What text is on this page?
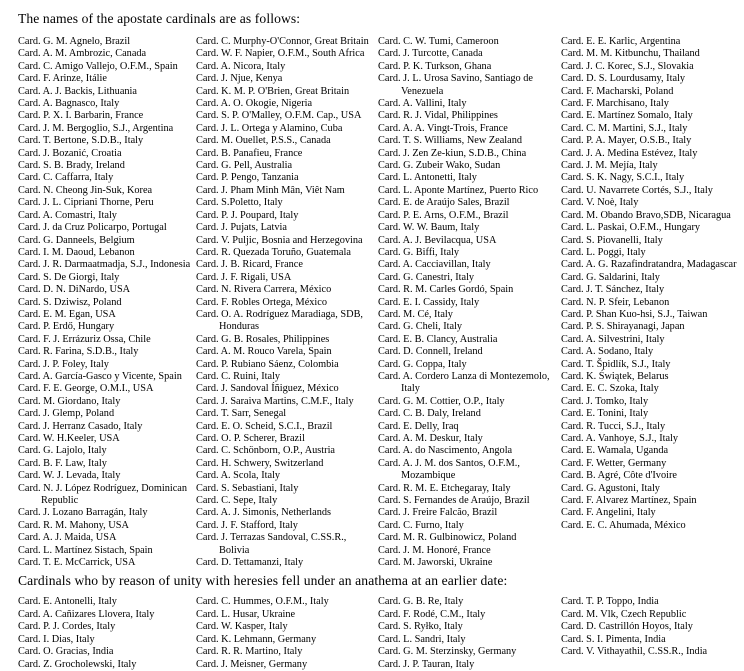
The names of the apostate cardinals are as follows:
Card. G. M. Agnelo, Brazil
Card. A. M. Ambrozic, Canada
Card. C. Amigo Vallejo, O.F.M., Spain
Card. F. Arinze, Itálie
Card. A. J. Backis, Lithuania
Card. A. Bagnasco, Italy
Card. P. X. I. Barbarin, France
Card. J. M. Bergoglio, S.J., Argentina
Card. T. Bertone, S.D.B., Italy
Card. J. Bozanić, Croatia
Card. S. B. Brady, Ireland
Card. C. Caffarra, Italy
Card. N. Cheong Jin-Suk, Korea
Card. J. L. Cipriani Thorne, Peru
Card. A. Comastri, Italy
Card. J. da Cruz Policarpo, Portugal
Card. G. Danneels, Belgium
Card. I. M. Daoud, Lebanon
Card. J. R. Darmaatmadja, S.J., Indonesia
Card. S. De Giorgi, Italy
Card. D. N. DiNardo, USA
Card. S. Dziwisz, Poland
Card. E. M. Egan, USA
Card. P. Erdő, Hungary
Card. F. J. Errázuriz Ossa, Chile
Card. R. Farina, S.D.B., Italy
Card. J. P. Foley, Italy
Card. A. García-Gasco y Vicente, Spain
Card. F. E. George, O.M.I., USA
Card. M. Giordano, Italy
Card. J. Glemp, Poland
Card. J. Herranz Casado, Italy
Card. W. H.Keeler, USA
Card. G. Lajolo, Italy
Card. B. F. Law, Italy
Card. W. J. Levada, Italy
Card. N. J. López Rodríguez, Dominican Republic
Card. J. Lozano Barragán, Italy
Card. R. M. Mahony, USA
Card. A. J. Maida, USA
Card. L. Martínez Sistach, Spain
Card. T. E. McCarrick, USA
Card. C. Murphy-O'Connor, Great Britain
Card. W. F. Napier, O.F.M., South Africa
Card. A. Nicora, Italy
Card. J. Njue, Kenya
Card. K. M. P. O'Brien, Great Britain
Card. A. O. Okogie, Nigeria
Card. S. P. O'Malley, O.F.M. Cap., USA
Card. J. L. Ortega y Alamino, Cuba
Card. M. Ouellet, P.S.S., Canada
Card. B. Panafieu, France
Card. G. Pell, Australia
Card. P. Pengo, Tanzania
Card. J. Pham Minh Mân, Viêt Nam
Card. S.Poletto, Italy
Card. P. J. Poupard, Italy
Card. J. Pujats, Latvia
Card. V. Puljic, Bosnia and Herzegovina
Card. R. Quezada Toruño, Guatemala
Card. J. B. Ricard, France
Card. J. F. Rigali, USA
Card. N. Rivera Carrera, México
Card. F. Robles Ortega, México
Card. O. A. Rodríguez Maradiaga, SDB, Honduras
Card. G. B. Rosales, Philippines
Card. A. M. Rouco Varela, Spain
Card. P. Rubiano Sáenz, Colombia
Card. C. Ruini, Italy
Card. J. Sandoval Íñiguez, México
Card. J. Saraiva Martins, C.M.F., Italy
Card. T. Sarr, Senegal
Card. E. O. Scheid, S.C.I., Brazil
Card. O. P. Scherer, Brazil
Card. C. Schönborn, O.P., Austria
Card. H. Schwery, Switzerland
Card. A. Scola, Italy
Card. S. Sebastiani, Italy
Card. C. Sepe, Italy
Card. A. J. Simonis, Netherlands
Card. J. F. Stafford, Italy
Card. J. Terrazas Sandoval, C.SS.R., Bolivia
Card. D. Tettamanzi, Italy
Card. C. W. Tumi, Cameroon
Card. J. Turcotte, Canada
Card. P. K. Turkson, Ghana
Card. J. L. Urosa Savino, Santiago de Venezuela
Card. A. Vallini, Italy
Card. R. J. Vidal, Philippines
Card. A. A. Vingt-Trois, France
Card. T. S. Williams, New Zealand
Card. J. Zen Ze-kiun, S.D.B., China
Card. G. Zubeir Wako, Sudan
Card. L. Antonetti, Italy
Card. L. Aponte Martínez, Puerto Rico
Card. E. de Araújo Sales, Brazil
Card. P. E. Arns, O.F.M., Brazil
Card. W. W. Baum, Italy
Card. A. J. Bevilacqua, USA
Card. G. Biffi, Italy
Card. A. Cacciavillan, Italy
Card. G. Canestri, Italy
Card. R. M. Carles Gordó, Spain
Card. E. I. Cassidy, Italy
Card. M. Cé, Italy
Card. G. Cheli, Italy
Card. E. B. Clancy, Australia
Card. D. Connell, Ireland
Card. G. Coppa, Italy
Card. A. Cordero Lanza di Montezemolo, Italy
Card. G. M. Cottier, O.P., Italy
Card. C. B. Daly, Ireland
Card. E. Delly, Iraq
Card. A. M. Deskur, Italy
Card. A. do Nascimento, Angola
Card. A. J. M. dos Santos, O.F.M., Mozambique
Card. R. M. E. Etchegaray, Italy
Card. S. Fernandes de Araújo, Brazil
Card. J. Freire Falcão, Brazil
Card. C. Furno, Italy
Card. M. R. Gulbinowicz, Poland
Card. J. M. Honoré, France
Card. M. Jaworski, Ukraine
Card. E. E. Karlic, Argentina
Card. M. M. Kitbunchu, Thailand
Card. J. C. Korec, S.J., Slovakia
Card. D. S. Lourdusamy, Italy
Card. F. Macharski, Poland
Card. F. Marchisano, Italy
Card. E. Martínez Somalo, Italy
Card. C. M. Martini, S.J., Italy
Card. P. A. Mayer, O.S.B., Italy
Card. J. A. Medina Estévez, Italy
Card. J. M. Mejía, Italy
Card. S. K. Nagy, S.C.I., Italy
Card. U. Navarrete Cortés, S.J., Italy
Card. V. Noè, Italy
Card. M. Obando Bravo,SDB, Nicaragua
Card. L. Paskai, O.F.M., Hungary
Card. S. Piovanelli, Italy
Card. L. Poggi, Italy
Card. A. G. Razafindratandra, Madagascar
Card. G. Saldarini, Italy
Card. J. T. Sánchez, Italy
Card. N. P. Sfeir, Lebanon
Card. P. Shan Kuo-hsi, S.J., Taiwan
Card. P. S. Shirayanagi, Japan
Card. A. Silvestrini, Italy
Card. A. Sodano, Italy
Card. T. Špidlík, S.J., Italy
Card. K. Świątek, Belarus
Card. E. C. Szoka, Italy
Card. J. Tomko, Italy
Card. E. Tonini, Italy
Card. R. Tucci, S.J., Italy
Card. A. Vanhoye, S.J., Italy
Card. E. Wamala, Uganda
Card. F. Wetter, Germany
Card. B. Agré, Côte d'Ivoire
Card. G. Agustoni, Italy
Card. F. Alvarez Martínez, Spain
Card. F. Angelini, Italy
Card. E. C. Ahumada, México
Cardinals who by reason of unity with heresies fell under an anathema at an earlier date:
Card. E. Antonelli, Italy
Card. A. Cañizares Llovera, Italy
Card. P. J. Cordes, Italy
Card. I. Dias, Italy
Card. O. Gracias, India
Card. Z. Grocholewski, Italy
Card. C. Hummes, O.F.M., Italy
Card. L. Husar, Ukraine
Card. W. Kasper, Italy
Card. K. Lehmann, Germany
Card. R. R. Martino, Italy
Card. J. Meisner, Germany
Card. G. B. Re, Italy
Card. F. Rodé, C.M., Italy
Card. S. Ryłko, Italy
Card. L. Sandri, Italy
Card. G. M. Sterzinsky, Germany
Card. J. P. Tauran, Italy
Card. T. P. Toppo, India
Card. M. Vlk, Czech Republic
Card. D. Castrillón Hoyos, Italy
Card. S. I. Pimenta, India
Card. V. Vithayathil, C.SS.R., India
